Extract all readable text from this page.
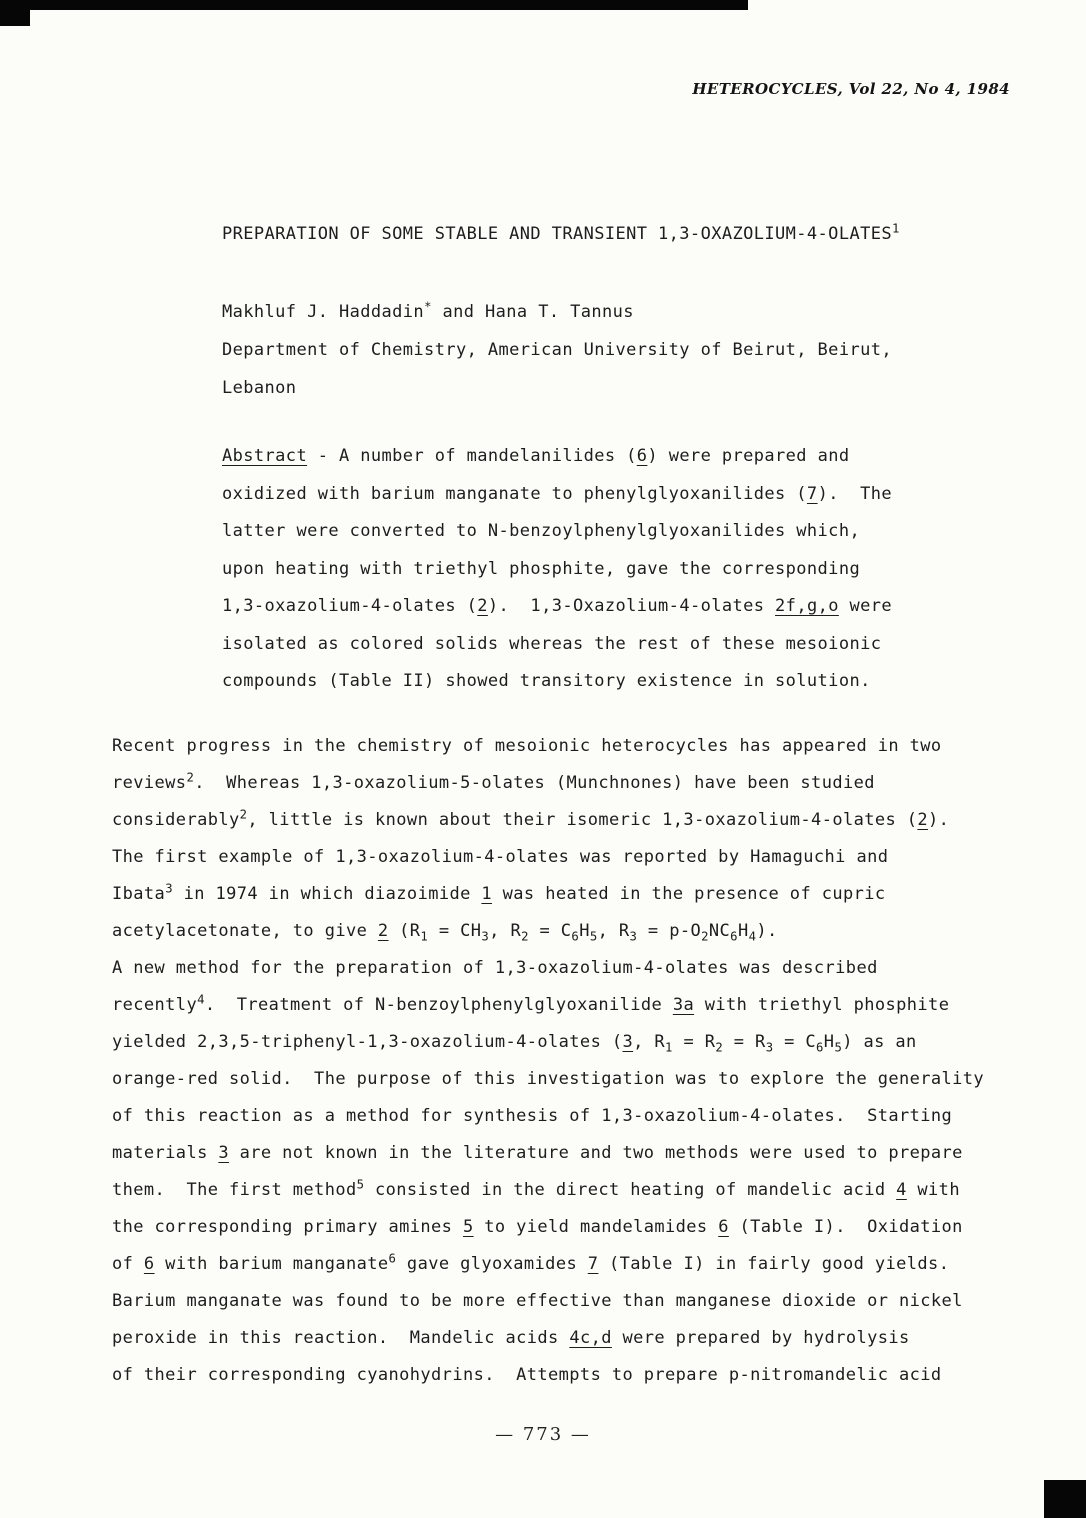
HETEROCYCLES, Vol 22, No 4, 1984
PREPARATION OF SOME STABLE AND TRANSIENT 1,3-OXAZOLIUM-4-OLATES$^1$
Makhluf J. Haddadin* and Hana T. Tannus
Department of Chemistry, American University of Beirut, Beirut,
Lebanon
Abstract - A number of mandelanilides (6) were prepared and
oxidized with barium manganate to phenylglyoxanilides (7).  The
latter were converted to N-benzoylphenylglyoxanilides which,
upon heating with triethyl phosphite, gave the corresponding
1,3-oxazolium-4-olates (2).  1,3-Oxazolium-4-olates 2f,g,o were
isolated as colored solids whereas the rest of these mesoionic
compounds (Table II) showed transitory existence in solution.
Recent progress in the chemistry of mesoionic heterocycles has appeared in two
reviews$^2$.  Whereas 1,3-oxazolium-5-olates (Munchnones) have been studied
considerably$^2$, little is known about their isomeric 1,3-oxazolium-4-olates (2).
The first example of 1,3-oxazolium-4-olates was reported by Hamaguchi and
Ibata$^3$ in 1974 in which diazoimide 1 was heated in the presence of cupric
acetylacetonate, to give 2 ($R_1 = CH_3$, $R_2 = C_6H_5$, $R_3 = p-O_2NC_6H_4$).
A new method for the preparation of 1,3-oxazolium-4-olates was described
recently$^4$.  Treatment of N-benzoylphenylglyoxanilide 3a with triethyl phosphite
yielded 2,3,5-triphenyl-1,3-oxazolium-4-olates (3, $R_1 = R_2 = R_3 = C_6H_5$) as an
orange-red solid.  The purpose of this investigation was to explore the generality
of this reaction as a method for synthesis of 1,3-oxazolium-4-olates.  Starting
materials 3 are not known in the literature and two methods were used to prepare
them.  The first method$^5$ consisted in the direct heating of mandelic acid 4 with
the corresponding primary amines 5 to yield mandelamides 6 (Table I).  Oxidation
of 6 with barium manganate$^6$ gave glyoxamides 7 (Table I) in fairly good yields.
Barium manganate was found to be more effective than manganese dioxide or nickel
peroxide in this reaction.  Mandelic acids 4c,d were prepared by hydrolysis
of their corresponding cyanohydrins.  Attempts to prepare p-nitromandelic acid
— 773 —
